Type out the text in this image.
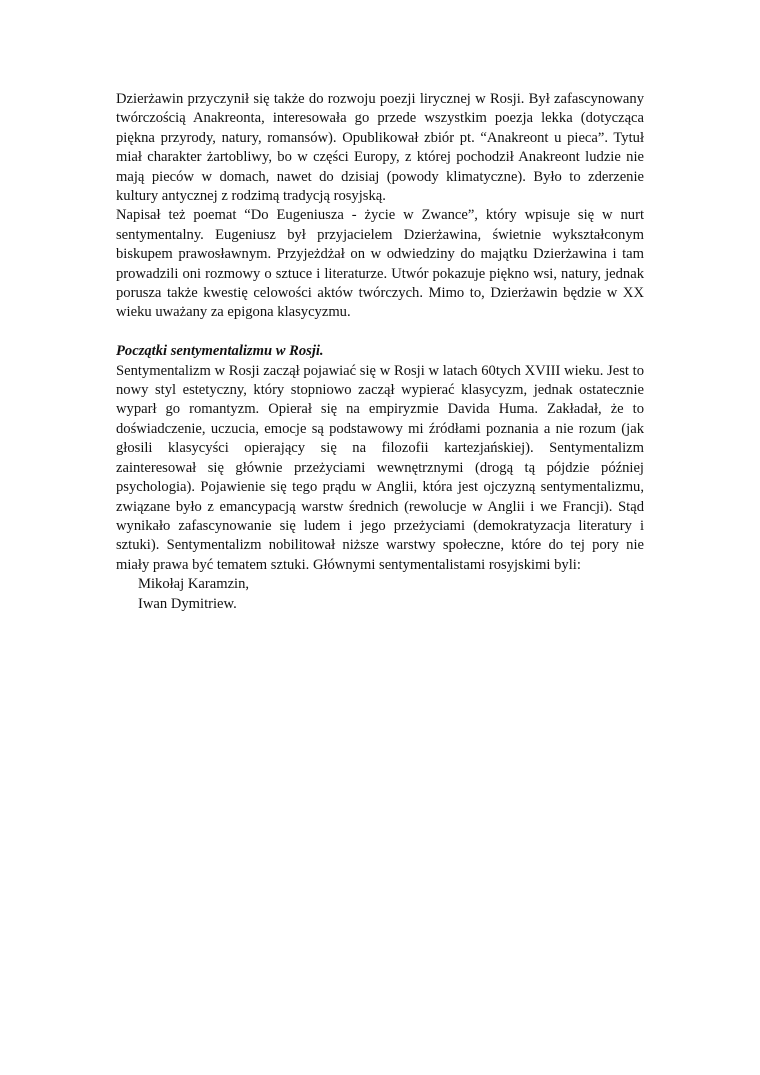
Dzierżawin przyczynił się także do rozwoju poezji lirycznej w Rosji. Był zafascynowany twórczością Anakreonta, interesowała go przede wszystkim poezja lekka (dotycząca piękna przyrody, natury, romansów). Opublikował zbiór pt. “Anakreont u pieca”. Tytuł miał charakter żartobliwy, bo w części Europy, z której pochodził Anakreont ludzie nie mają pieców w domach, nawet do dzisiaj (powody klimatyczne). Było to zderzenie kultury antycznej z rodzimą tradycją rosyjską.

Napisał też poemat “Do Eugeniusza - życie w Zwance”, który wpisuje się w nurt sentymentalny. Eugeniusz był przyjacielem Dzierżawina, świetnie wykształconym biskupem prawosławnym. Przyjeżdżał on w odwiedziny do majątku Dzierżawina i tam prowadzili oni rozmowy o sztuce i literaturze. Utwór pokazuje piękno wsi, natury, jednak porusza także kwestię celowości aktów twórczych. Mimo to, Dzierżawin będzie w XX wieku uważany za epigona klasycyzmu.

Początki sentymentalizmu w Rosji.

Sentymentalizm w Rosji zaczął pojawiać się w Rosji w latach 60tych XVIII wieku. Jest to nowy styl estetyczny, który stopniowo zaczął wypierać klasycyzm, jednak ostatecznie wyparł go romantyzm. Opierał się na empiryzmie Davida Huma. Zakładał, że to doświadczenie, uczucia, emocje są podstawowy mi źródłami poznania a nie rozum (jak głosili klasycyści opierający się na filozofii kartezjańskiej). Sentymentalizm zainteresował się głównie przeżyciami wewnętrznymi (drogą tą pójdzie później psychologia). Pojawienie się tego prądu w Anglii, która jest ojczyzną sentymentalizmu, związane było z emancypacją warstw średnich (rewolucje w Anglii i we Francji). Stąd wynikało zafascynowanie się ludem i jego przeżyciami (demokratyzacja literatury i sztuki). Sentymentalizm nobilitował niższe warstwy społeczne, które do tej pory nie miały prawa być tematem sztuki. Głównymi sentymentalistami rosyjskimi byli:

Mikołaj Karamzin,
Iwan Dymitriew.
